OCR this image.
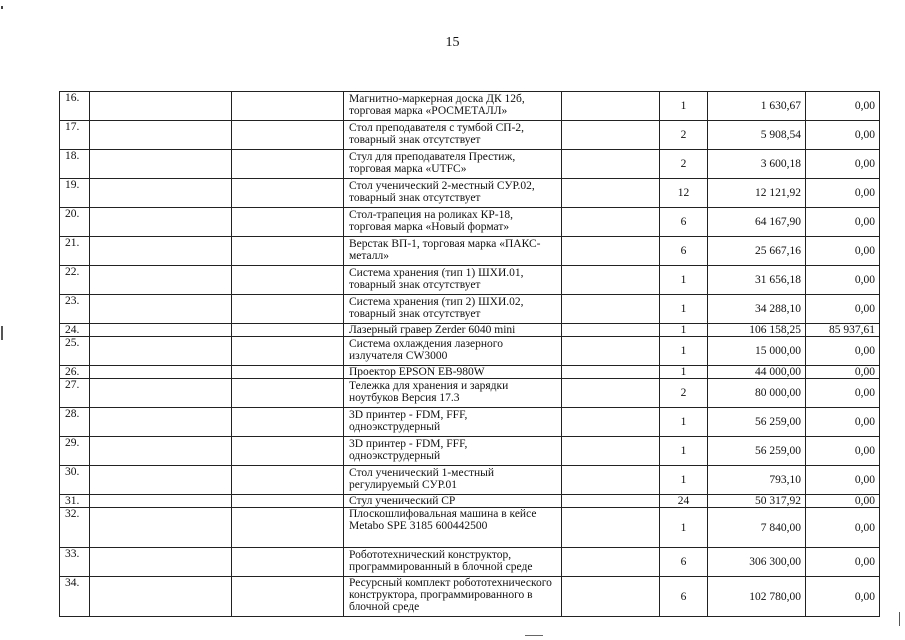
15
16.			Магнитно-маркерная доска ДК 12б, торговая марка «РОСМЕТАЛЛ»		1	1 630,67	0,00
17.			Стол преподавателя с тумбой СП-2, товарный знак отсутствует		2	5 908,54	0,00
18.			Стул для преподавателя Престиж, торговая марка «UTFC»		2	3 600,18	0,00
19.			Стол ученический 2-местный СУР.02, товарный знак отсутствует		12	12 121,92	0,00
20.			Стол-трапеция на роликах КР-18, торговая марка «Новый формат»		6	64 167,90	0,00
21.			Верстак ВП-1, торговая марка «ПАКС-металл»		6	25 667,16	0,00
22.			Система хранения (тип 1) ШХИ.01, товарный знак отсутствует		1	31 656,18	0,00
23.			Система хранения (тип 2) ШХИ.02, товарный знак отсутствует		1	34 288,10	0,00
24.			Лазерный гравер Zerder 6040 mini		1	106 158,25	85 937,61
25.			Система охлаждения лазерного излучателя CW3000		1	15 000,00	0,00
26.			Проектор EPSON EB-980W		1	44 000,00	0,00
27.			Тележка для хранения и зарядки ноутбуков Версия 17.3		2	80 000,00	0,00
28.			3D принтер - FDM, FFF, одноэкструдерный		1	56 259,00	0,00
29.			3D принтер - FDM, FFF, одноэкструдерный		1	56 259,00	0,00
30.			Стол ученический 1-местный регулируемый СУР.01		1	793,10	0,00
31.			Стул ученический СР		24	50 317,92	0,00
32.			Плоскошлифовальная машина в кейсе Metabo SPE 3185 600442500		1	7 840,00	0,00
33.			Робототехнический конструктор, программированный в блочной среде		6	306 300,00	0,00
34.			Ресурсный комплект робототехнического конструктора, программированного в блочной среде		6	102 780,00	0,00
